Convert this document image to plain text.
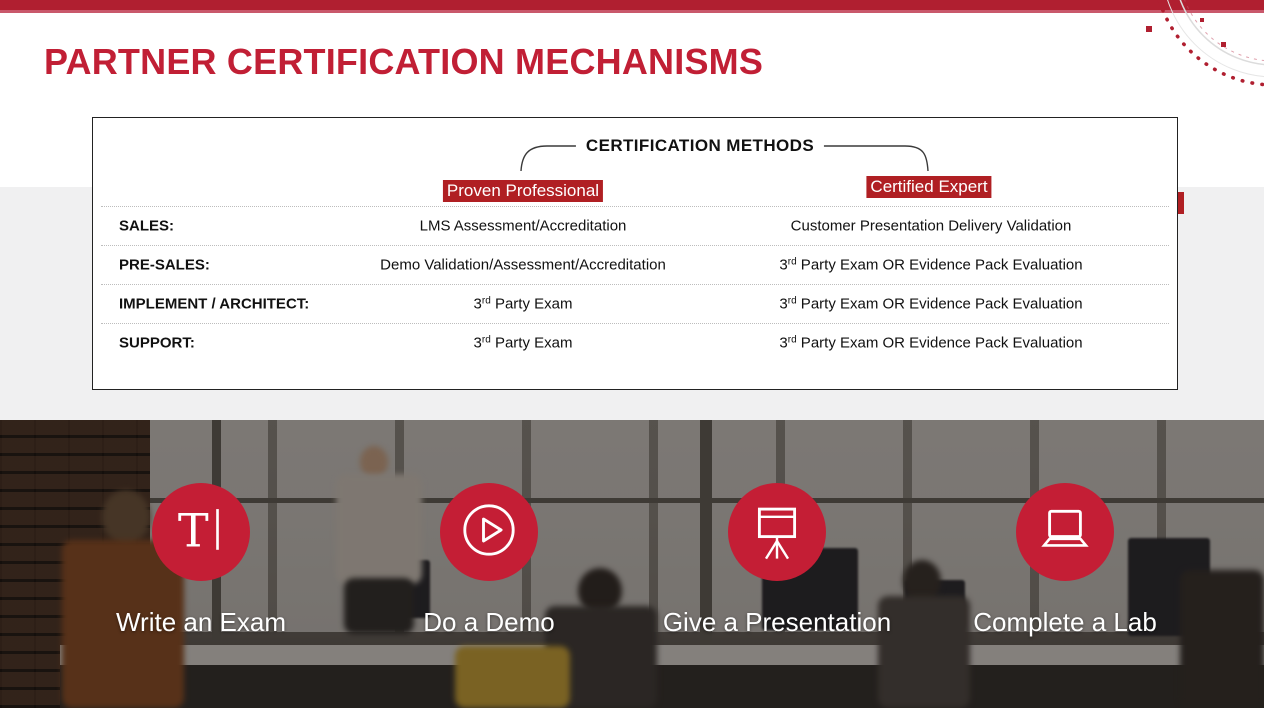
PARTNER CERTIFICATION MECHANISMS
CERTIFICATION METHODS
Proven Professional	Certified Expert
SALES:	LMS Assessment/Accreditation	Customer Presentation Delivery Validation
PRE-SALES:	Demo Validation/Assessment/Accreditation	3rd Party Exam OR Evidence Pack Evaluation
IMPLEMENT / ARCHITECT:	3rd Party Exam	3rd Party Exam OR Evidence Pack Evaluation
SUPPORT:	3rd Party Exam	3rd Party Exam OR Evidence Pack Evaluation
T
Write an Exam	Do a Demo	Give a Presentation	Complete a Lab
